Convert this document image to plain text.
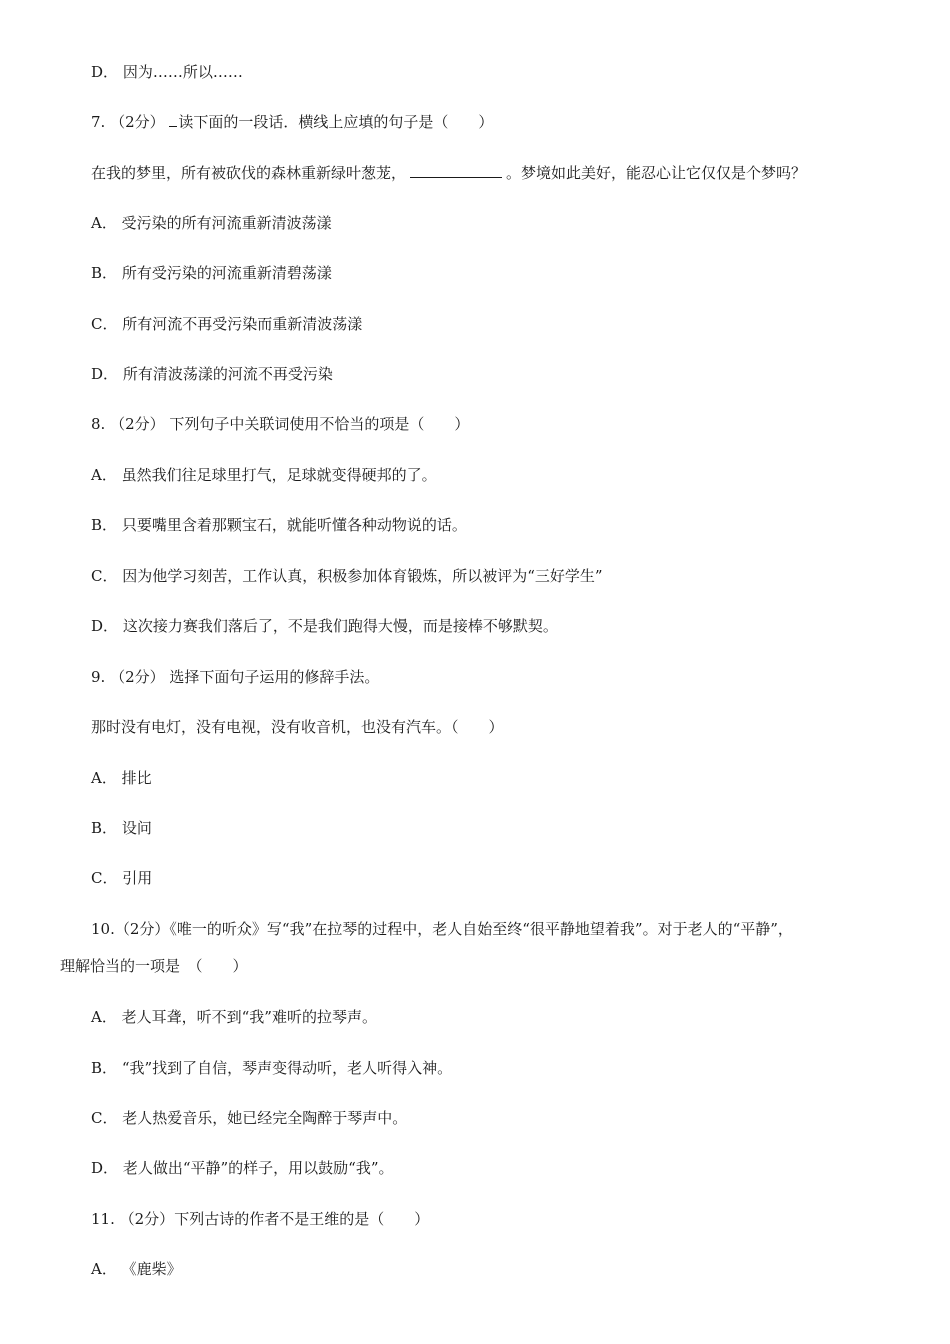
D． 因为……所以……
7. （2分） 读下面的一段话．横线上应填的句子是（　　）
在我的梦里，所有被砍伐的森林重新绿叶葱茏，	。梦境如此美好，能忍心让它仅仅是个梦吗？
A． 受污染的所有河流重新清波荡漾
B． 所有受污染的河流重新清碧荡漾
C． 所有河流不再受污染而重新清波荡漾
D． 所有清波荡漾的河流不再受污染
8. （2分） 下列句子中关联词使用不恰当的项是（　　）
A． 虽然我们往足球里打气，足球就变得硬邦的了。
B． 只要嘴里含着那颗宝石，就能听懂各种动物说的话。
C． 因为他学习刻苦，工作认真，积极参加体育锻炼，所以被评为“三好学生”
D． 这次接力赛我们落后了，不是我们跑得大慢，而是接棒不够默契。
9. （2分） 选择下面句子运用的修辞手法。
那时没有电灯，没有电视，没有收音机，也没有汽车。（　　）
A． 排比
B． 设问
C． 引用
10.（2分）《唯一的听众》写“我”在拉琴的过程中，老人自始至终“很平静地望着我”。对于老人的“平静”，
理解恰当的一项是　（　　）
A． 老人耳聋，听不到“我”难听的拉琴声。
B． “我”找到了自信，琴声变得动听，老人听得入神。
C． 老人热爱音乐，她已经完全陶醉于琴声中。
D． 老人做出“平静”的样子，用以鼓励“我”。
11. （2分）下列古诗的作者不是王维的是（　　）
A． 《鹿柴》
